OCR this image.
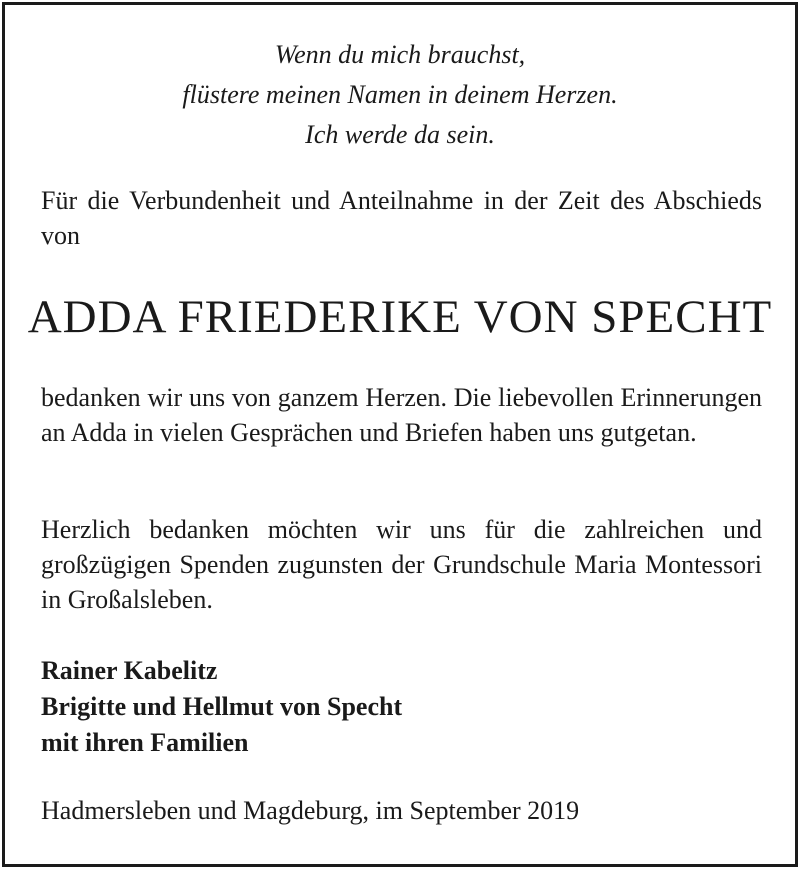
Wenn du mich brauchst,
flüstere meinen Namen in deinem Herzen.
Ich werde da sein.
Für die Verbundenheit und Anteilnahme in der Zeit des Abschieds von
ADDA FRIEDERIKE VON SPECHT
bedanken wir uns von ganzem Herzen. Die liebevollen Erinnerungen an Adda in vielen Gesprächen und Briefen haben uns gutgetan.
Herzlich bedanken möchten wir uns für die zahlreichen und großzügigen Spenden zugunsten der Grundschule Maria Montessori in Großalsleben.
Rainer Kabelitz
Brigitte und Hellmut von Specht
mit ihren Familien
Hadmersleben und Magdeburg, im September 2019
